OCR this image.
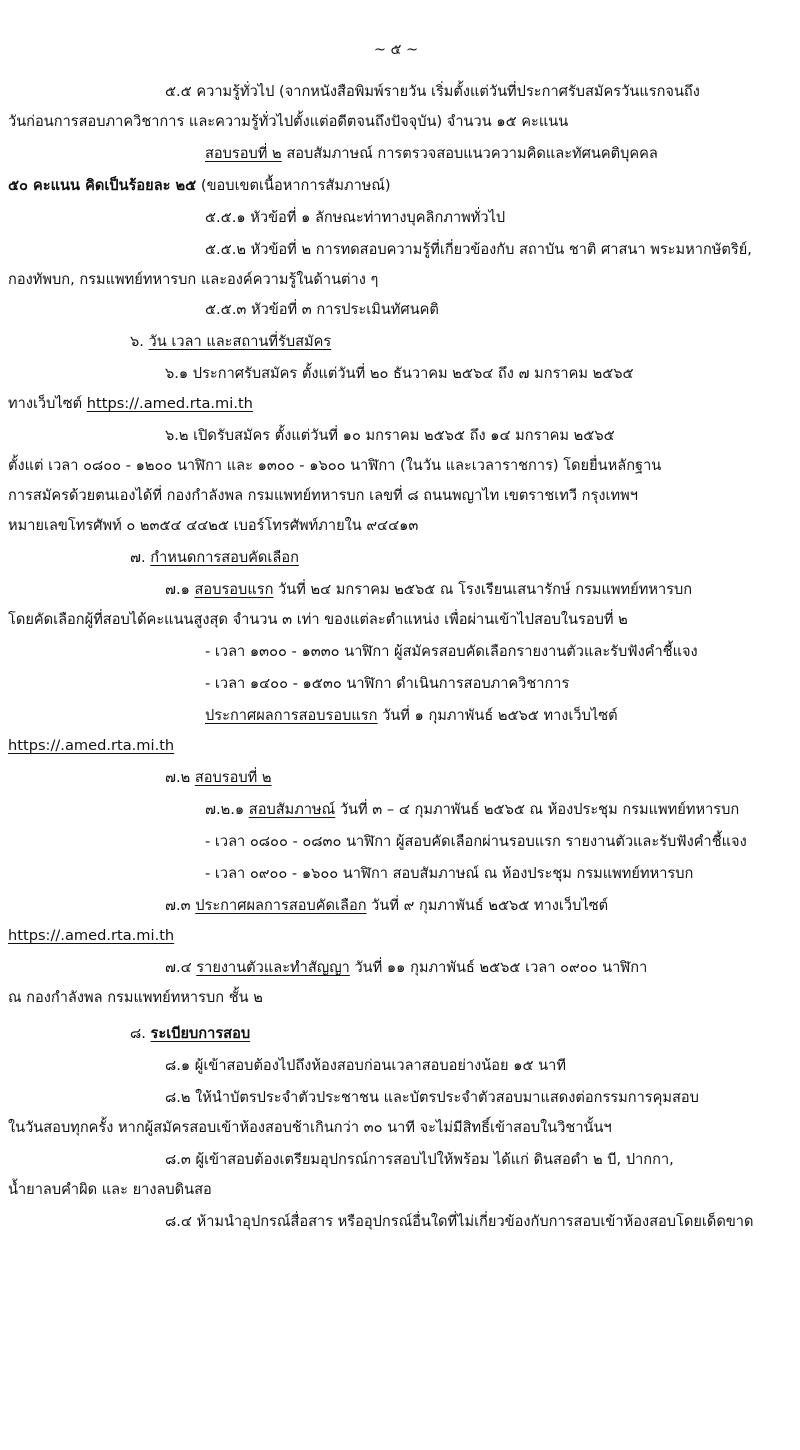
~ ๕ ~
๕.๕ ความรู้ทั่วไป (จากหนังสือพิมพ์รายวัน เริ่มตั้งแต่วันที่ประกาศรับสมัครวันแรกจนถึง
วันก่อนการสอบภาควิชาการ และความรู้ทั่วไปตั้งแต่อดีตจนถึงปัจจุบัน) จำนวน ๑๕ คะแนน
สอบรอบที่ ๒ สอบสัมภาษณ์ การตรวจสอบแนวความคิดและทัศนคติบุคคล
๕๐ คะแนน คิดเป็นร้อยละ ๒๕ (ขอบเขตเนื้อหาการสัมภาษณ์)
๕.๕.๑ หัวข้อที่ ๑ ลักษณะท่าทางบุคลิกภาพทั่วไป
๕.๕.๒ หัวข้อที่ ๒ การทดสอบความรู้ที่เกี่ยวข้องกับ สถาบัน ชาติ ศาสนา พระมหากษัตริย์,
กองทัพบก, กรมแพทย์ทหารบก และองค์ความรู้ในด้านต่าง ๆ
๕.๕.๓ หัวข้อที่ ๓ การประเมินทัศนคติ
๖. วัน เวลา และสถานที่รับสมัคร
๖.๑ ประกาศรับสมัคร ตั้งแต่วันที่ ๒๐ ธันวาคม ๒๕๖๔ ถึง ๗ มกราคม ๒๕๖๕
ทางเว็บไซต์ https://.amed.rta.mi.th
๖.๒ เปิดรับสมัคร ตั้งแต่วันที่ ๑๐ มกราคม ๒๕๖๕ ถึง ๑๔ มกราคม ๒๕๖๕
ตั้งแต่ เวลา ๐๘๐๐ - ๑๒๐๐ นาฬิกา และ ๑๓๐๐ - ๑๖๐๐ นาฬิกา (ในวัน และเวลาราชการ) โดยยื่นหลักฐาน
การสมัครด้วยตนเองได้ที่ กองกำลังพล กรมแพทย์ทหารบก เลขที่ ๘ ถนนพญาไท เขตราชเทวี กรุงเทพฯ
หมายเลขโทรศัพท์ ๐ ๒๓๕๔ ๔๔๒๕ เบอร์โทรศัพท์ภายใน ๙๔๔๑๓
๗. กำหนดการสอบคัดเลือก
๗.๑ สอบรอบแรก วันที่ ๒๔ มกราคม ๒๕๖๕ ณ โรงเรียนเสนารักษ์ กรมแพทย์ทหารบก
โดยคัดเลือกผู้ที่สอบได้คะแนนสูงสุด จำนวน ๓ เท่า ของแต่ละตำแหน่ง เพื่อผ่านเข้าไปสอบในรอบที่ ๒
- เวลา ๑๓๐๐ - ๑๓๓๐ นาฬิกา ผู้สมัครสอบคัดเลือกรายงานตัวและรับฟังคำชี้แจง
- เวลา ๑๔๐๐ - ๑๕๓๐ นาฬิกา ดำเนินการสอบภาควิชาการ
ประกาศผลการสอบรอบแรก วันที่ ๑ กุมภาพันธ์ ๒๕๖๕ ทางเว็บไซต์
https://.amed.rta.mi.th
๗.๒ สอบรอบที่ ๒
๗.๒.๑ สอบสัมภาษณ์ วันที่ ๓ – ๔ กุมภาพันธ์ ๒๕๖๕ ณ ห้องประชุม กรมแพทย์ทหารบก
- เวลา ๐๘๐๐ - ๐๘๓๐ นาฬิกา ผู้สอบคัดเลือกผ่านรอบแรก รายงานตัวและรับฟังคำชี้แจง
- เวลา ๐๙๐๐ - ๑๖๐๐ นาฬิกา สอบสัมภาษณ์ ณ ห้องประชุม กรมแพทย์ทหารบก
๗.๓ ประกาศผลการสอบคัดเลือก วันที่ ๙ กุมภาพันธ์ ๒๕๖๕ ทางเว็บไซต์
https://.amed.rta.mi.th
๗.๔ รายงานตัวและทำสัญญา วันที่ ๑๑ กุมภาพันธ์ ๒๕๖๕ เวลา ๐๙๐๐ นาฬิกา
ณ กองกำลังพล กรมแพทย์ทหารบก ชั้น ๒
๘. ระเบียบการสอบ
๘.๑ ผู้เข้าสอบต้องไปถึงห้องสอบก่อนเวลาสอบอย่างน้อย ๑๕ นาที
๘.๒ ให้นำบัตรประจำตัวประชาชน และบัตรประจำตัวสอบมาแสดงต่อกรรมการคุมสอบ
ในวันสอบทุกครั้ง หากผู้สมัครสอบเข้าห้องสอบช้าเกินกว่า ๓๐ นาที จะไม่มีสิทธิ์เข้าสอบในวิชานั้นฯ
๘.๓ ผู้เข้าสอบต้องเตรียมอุปกรณ์การสอบไปให้พร้อม ได้แก่ ดินสอดำ ๒ บี, ปากกา,
น้ำยาลบคำผิด และ ยางลบดินสอ
๘.๔ ห้ามนำอุปกรณ์สื่อสาร หรืออุปกรณ์อื่นใดที่ไม่เกี่ยวข้องกับการสอบเข้าห้องสอบโดยเด็ดขาด
